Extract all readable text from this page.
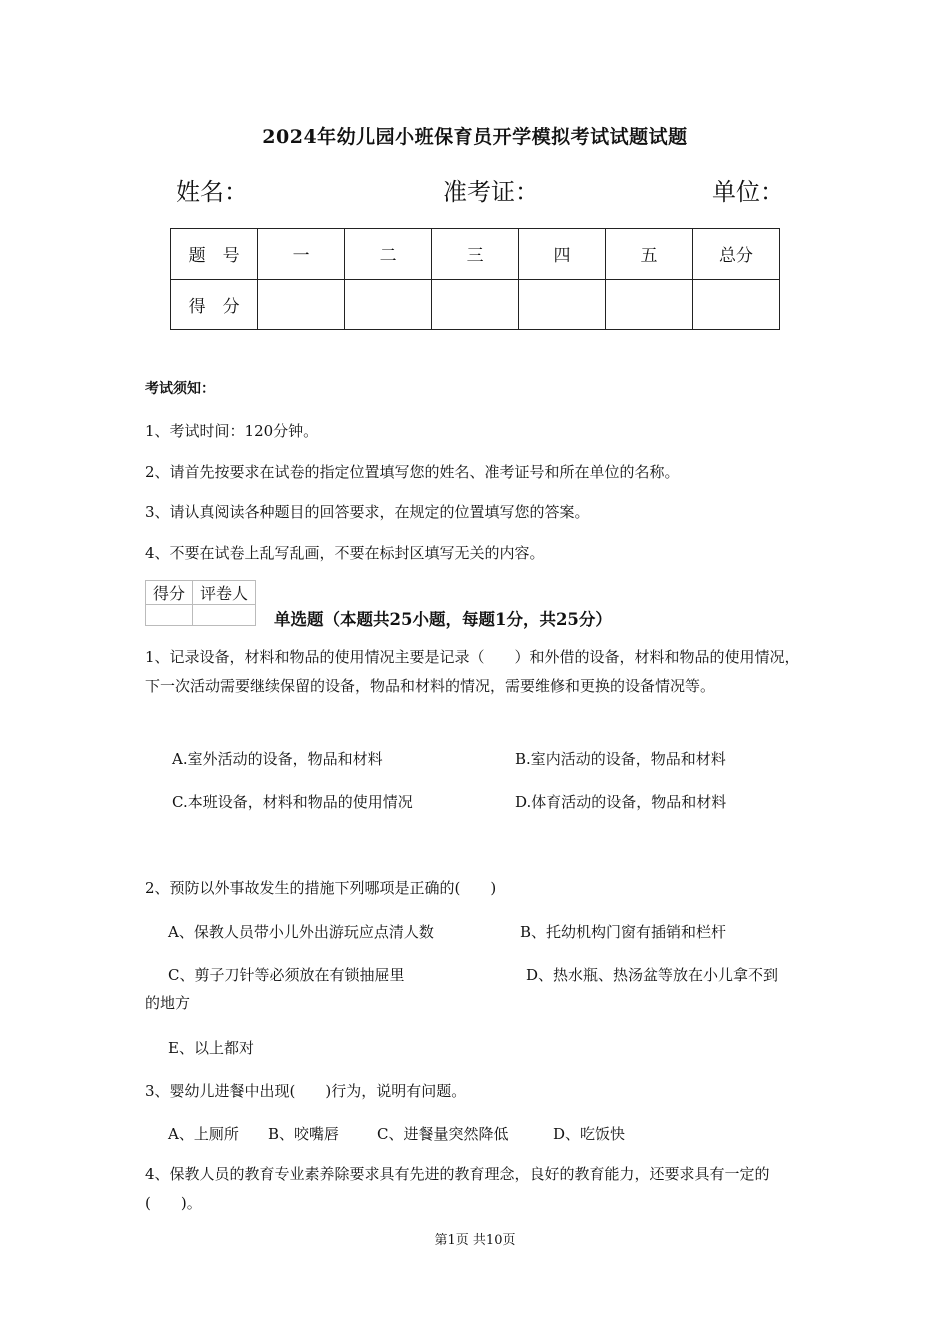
2024年幼儿园小班保育员开学模拟考试试题试题
姓名：	准考证：	单位：
题　号	一	二	三	四	五	总分
得　分						
考试须知：
1、考试时间：120分钟。
2、请首先按要求在试卷的指定位置填写您的姓名、准考证号和所在单位的名称。
3、请认真阅读各种题目的回答要求，在规定的位置填写您的答案。
4、不要在试卷上乱写乱画，不要在标封区填写无关的内容。
得分	评卷人

单选题（本题共25小题，每题1分，共25分）
1、记录设备，材料和物品的使用情况主要是记录（　　）和外借的设备，材料和物品的使用情况，下一次活动需要继续保留的设备，物品和材料的情况，需要维修和更换的设备情况等。
A.室外活动的设备，物品和材料	B.室内活动的设备，物品和材料
C.本班设备，材料和物品的使用情况	D.体育活动的设备，物品和材料
2、预防以外事故发生的措施下列哪项是正确的(　　)
A、保教人员带小儿外出游玩应点清人数	B、托幼机构门窗有插销和栏杆
C、剪子刀针等必须放在有锁抽屉里	D、热水瓶、热汤盆等放在小儿拿不到
的地方
E、以上都对
3、婴幼儿进餐中出现(　　)行为，说明有问题。
A、上厕所 B、咬嘴唇	C、进餐量突然降低	D、吃饭快
4、保教人员的教育专业素养除要求具有先进的教育理念，良好的教育能力，还要求具有一定的(　　)。
第1页 共10页
